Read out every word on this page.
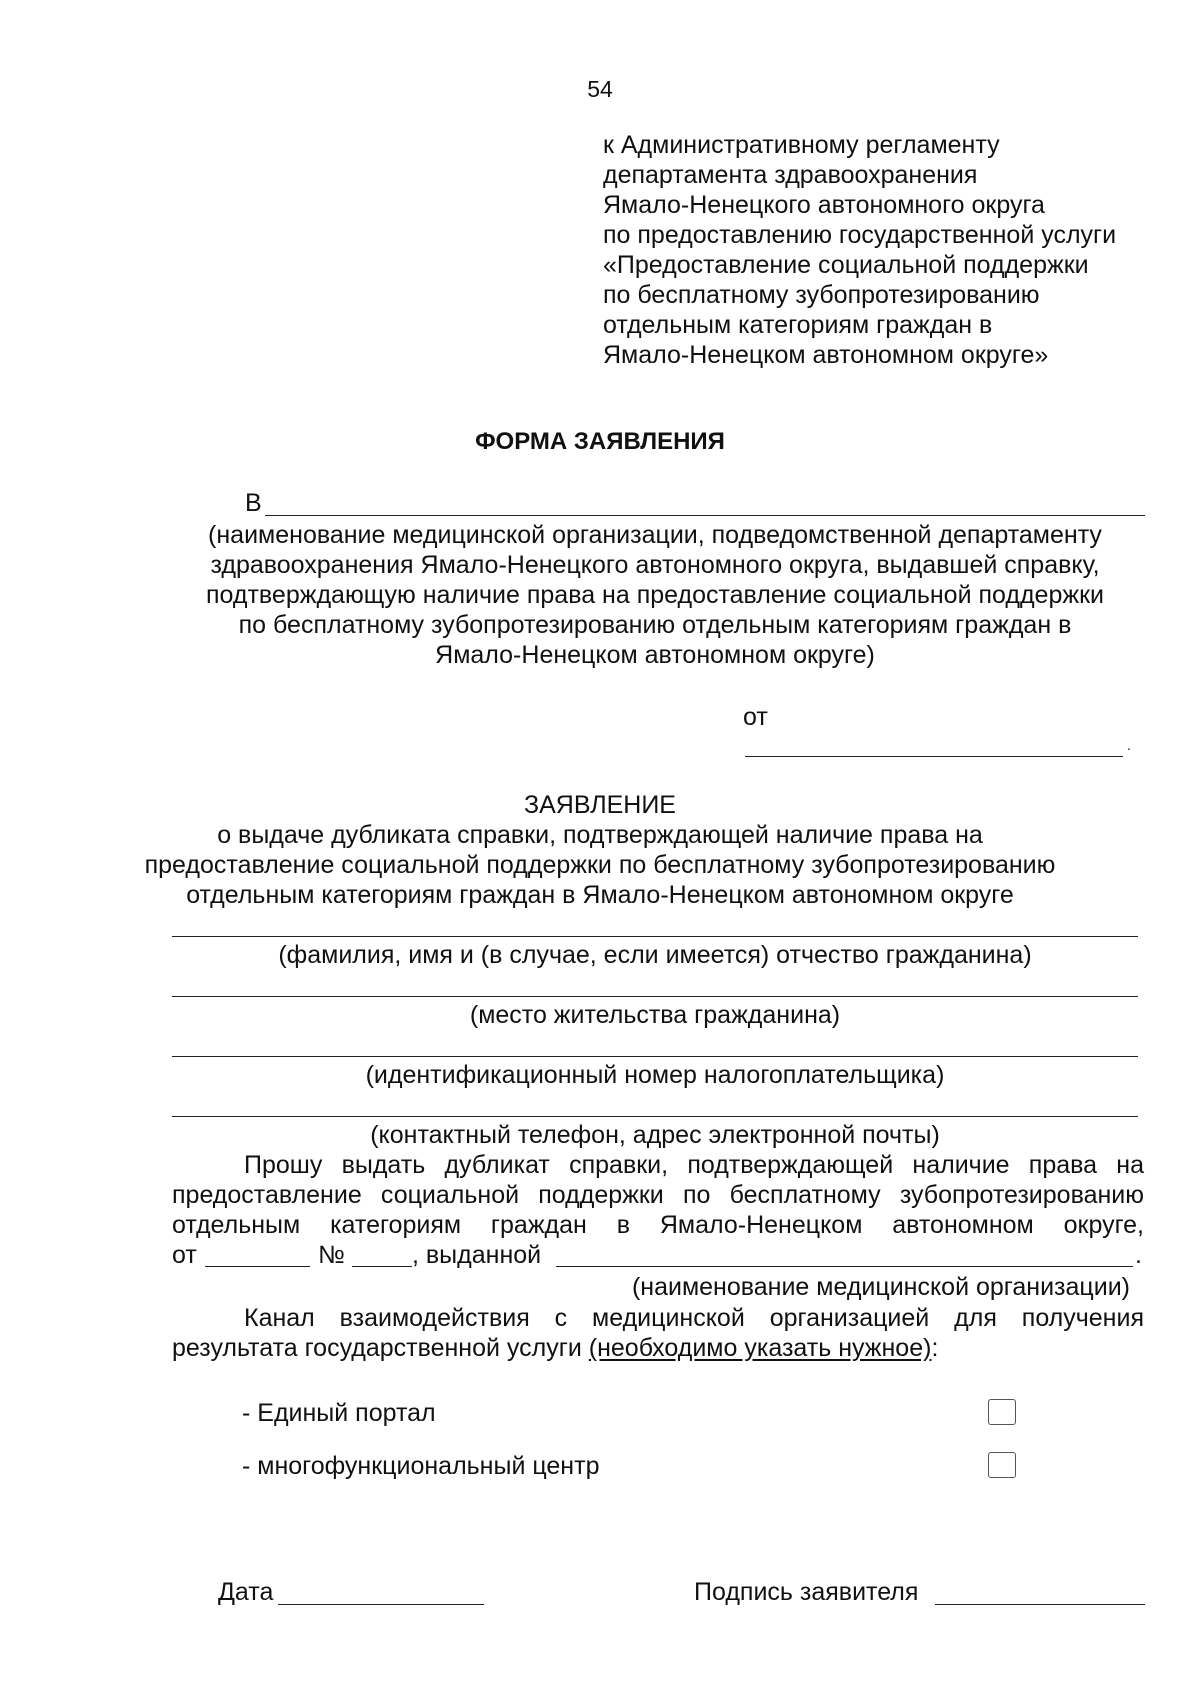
54
к Административному регламенту
департамента здравоохранения
Ямало-Ненецкого автономного округа
по предоставлению государственной услуги
«Предоставление социальной поддержки
по бесплатному зубопротезированию
отдельным категориям граждан в
Ямало-Ненецком автономном округе»
ФОРМА ЗАЯВЛЕНИЯ
В
(наименование медицинской организации, подведомственной департаменту
здравоохранения Ямало-Ненецкого автономного округа, выдавшей справку,
подтверждающую наличие права на предоставление социальной поддержки
по бесплатному зубопротезированию отдельным категориям граждан в
Ямало-Ненецком автономном округе)
от
.
ЗАЯВЛЕНИЕ
о выдаче дубликата справки, подтверждающей наличие права на
предоставление социальной поддержки по бесплатному зубопротезированию
отдельным категориям граждан в Ямало-Ненецком автономном округе
(фамилия, имя и (в случае, если имеется) отчество гражданина)
(место жительства гражданина)
(идентификационный номер налогоплательщика)
(контактный телефон, адрес электронной почты)
Прошу выдать дубликат справки, подтверждающей наличие права на
предоставление социальной поддержки по бесплатному зубопротезированию
отдельным категориям граждан в Ямало-Ненецком автономном округе,
от	№	, выданной	.
(наименование медицинской организации)
Канал взаимодействия с медицинской организацией для получения
результата государственной услуги (необходимо указать нужное):
- Единый портал
- многофункциональный центр
Дата	Подпись заявителя
